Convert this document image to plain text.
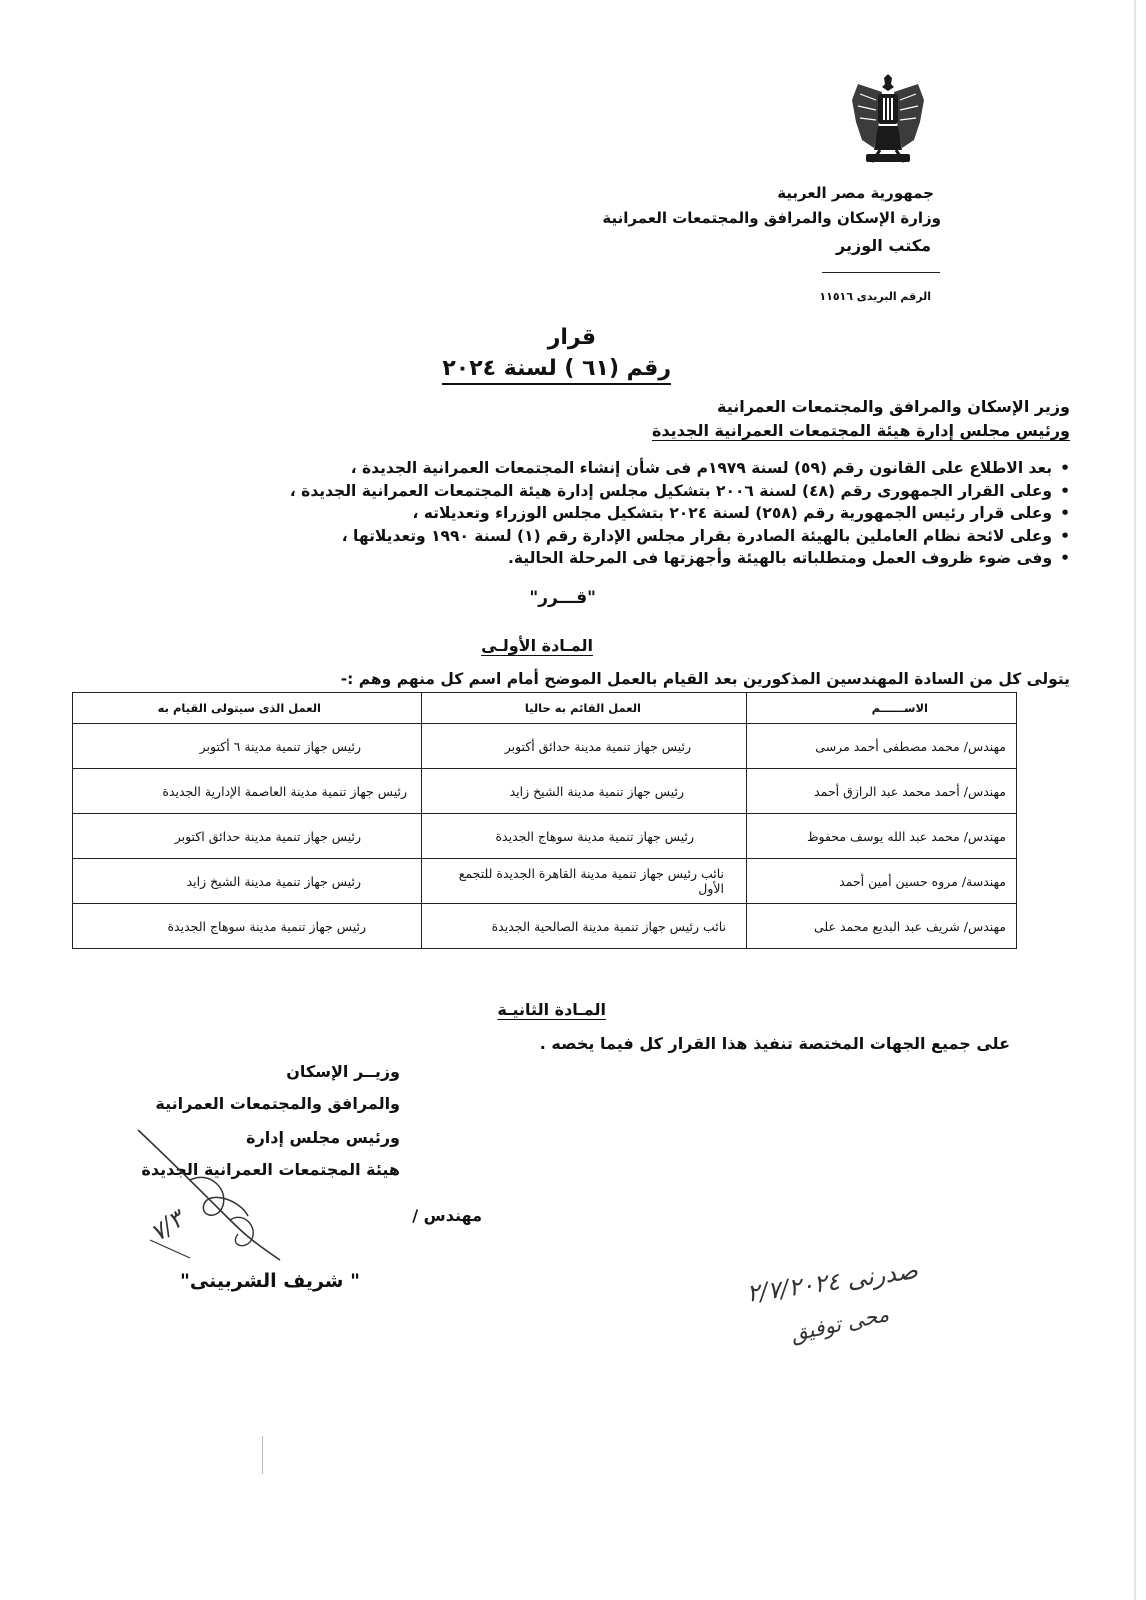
جمهورية مصر العربية
وزارة الإسكان والمرافق والمجتمعات العمرانية
مكتب الوزير
الرقم البريدى ١١٥١٦
قرار
رقم (٦١ ) لسنة ٢٠٢٤
وزير الإسكان والمرافق والمجتمعات العمرانية
ورئيس مجلس إدارة هيئة المجتمعات العمرانية الجديدة
• بعد الاطلاع على القانون رقم (٥٩) لسنة ١٩٧٩م فى شأن إنشاء المجتمعات العمرانية الجديدة ،
• وعلى القرار الجمهورى رقم (٤٨) لسنة ٢٠٠٦ بتشكيل مجلس إدارة هيئة المجتمعات العمرانية الجديدة ،
• وعلى قرار رئيس الجمهورية رقم (٢٥٨) لسنة ٢٠٢٤ بتشكيل مجلس الوزراء وتعديلاته ،
• وعلى لائحة نظام العاملين بالهيئة الصادرة بقرار مجلس الإدارة رقم (١) لسنة ١٩٩٠ وتعديلاتها ،
• وفى ضوء ظروف العمل ومتطلباته بالهيئة وأجهزتها فى المرحلة الحالية.
"قـــرر"
المـادة الأولـى
يتولى كل من السادة المهندسين المذكورين بعد القيام بالعمل الموضح أمام اسم كل منهم وهم :-
الاســــــم	العمل القائم به حاليا	العمل الذى سيتولى القيام به
مهندس/ محمد مصطفى أحمد مرسى	رئيس جهاز تنمية مدينة حدائق أكتوبر	رئيس جهاز تنمية مدينة ٦ أكتوبر
مهندس/ أحمد محمد عبد الرازق أحمد	رئيس جهاز تنمية مدينة الشيخ زايد	رئيس جهاز تنمية مدينة العاصمة الإدارية الجديدة
مهندس/ محمد عبد الله يوسف محفوظ	رئيس جهاز تنمية مدينة سوهاج الجديدة	رئيس جهاز تنمية مدينة حدائق اكتوبر
مهندسة/ مروه حسين أمين أحمد	نائب رئيس جهاز تنمية مدينة القاهرة الجديدة للتجمع الأول	رئيس جهاز تنمية مدينة الشيخ زايد
مهندس/ شريف عبد البديع محمد على	نائب رئيس جهاز تنمية مدينة الصالحية الجديدة	رئيس جهاز تنمية مدينة سوهاج الجديدة
المـادة الثانيـة
على جميع الجهات المختصة تنفيذ هذا القرار كل فيما يخصه .
وزيــر الإسكان
والمرافق والمجتمعات العمرانية
ورئيس مجلس إدارة
هيئة المجتمعات العمرانية الجديدة
مهندس /
" شريف الشربينى"
٧/٣
صدرنى ٢/٧/٢٠٢٤
محى توفيق
